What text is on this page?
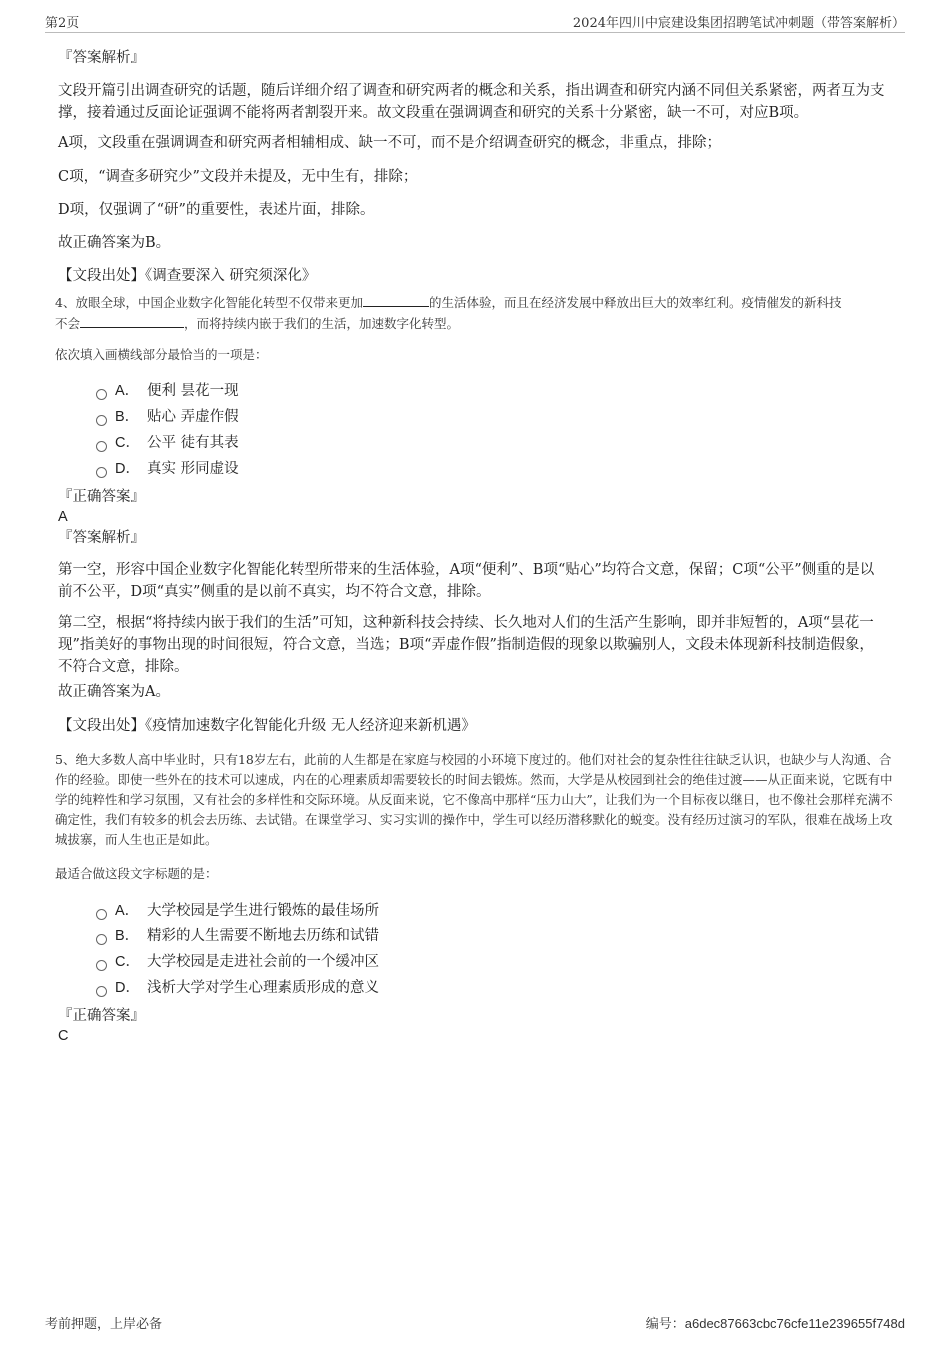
第2页	2024年四川中宸建设集团招聘笔试冲刺题（带答案解析）

『答案解析』

文段开篇引出调查研究的话题，随后详细介绍了调查和研究两者的概念和关系，指出调查和研究内涵不同但关系紧密，两者互为支撑，接着通过反面论证强调不能将两者割裂开来。故文段重在强调调查和研究的关系十分紧密，缺一不可，对应B项。

A项，文段重在强调调查和研究两者相辅相成、缺一不可，而不是介绍调查研究的概念，非重点，排除；

C项，“调查多研究少”文段并未提及，无中生有，排除；

D项，仅强调了“研”的重要性，表述片面，排除。

故正确答案为B。

【文段出处】《调查要深入 研究须深化》

4、放眼全球，中国企业数字化智能化转型不仅带来更加	的生活体验，而且在经济发展中释放出巨大的效率红利。疫情催发的新科技
不会	，而将持续内嵌于我们的生活，加速数字化转型。

依次填入画横线部分最恰当的一项是：

A． 便利 昙花一现
B． 贴心 弄虚作假
C． 公平 徒有其表
D． 真实 形同虚设

『正确答案』

A

『答案解析』

第一空，形容中国企业数字化智能化转型所带来的生活体验，A项“便利”、B项“贴心”均符合文意，保留；C项“公平”侧重的是以前不公平，D项“真实”侧重的是以前不真实，均不符合文意，排除。

第二空，根据“将持续内嵌于我们的生活”可知，这种新科技会持续、长久地对人们的生活产生影响，即并非短暂的，A项“昙花一现”指美好的事物出现的时间很短，符合文意，当选；B项“弄虚作假”指制造假的现象以欺骗别人，文段未体现新科技制造假象，不符合文意，排除。

故正确答案为A。

【文段出处】《疫情加速数字化智能化升级 无人经济迎来新机遇》

5、绝大多数人高中毕业时，只有18岁左右，此前的人生都是在家庭与校园的小环境下度过的。他们对社会的复杂性往往缺乏认识，也缺少与人沟通、合作的经验。即使一些外在的技术可以速成，内在的心理素质却需要较长的时间去锻炼。然而，大学是从校园到社会的绝佳过渡——从正面来说，它既有中学的纯粹性和学习氛围，又有社会的多样性和交际环境。从反面来说，它不像高中那样“压力山大”，让我们为一个目标夜以继日，也不像社会那样充满不确定性，我们有较多的机会去历练、去试错。在课堂学习、实习实训的操作中，学生可以经历潜移默化的蜕变。没有经历过演习的军队，很难在战场上攻城拔寨，而人生也正是如此。

最适合做这段文字标题的是：

A． 大学校园是学生进行锻炼的最佳场所
B． 精彩的人生需要不断地去历练和试错
C． 大学校园是走进社会前的一个缓冲区
D． 浅析大学对学生心理素质形成的意义

『正确答案』

C
考前押题，上岸必备	编号：a6dec87663cbc76cfe11e239655f748d
